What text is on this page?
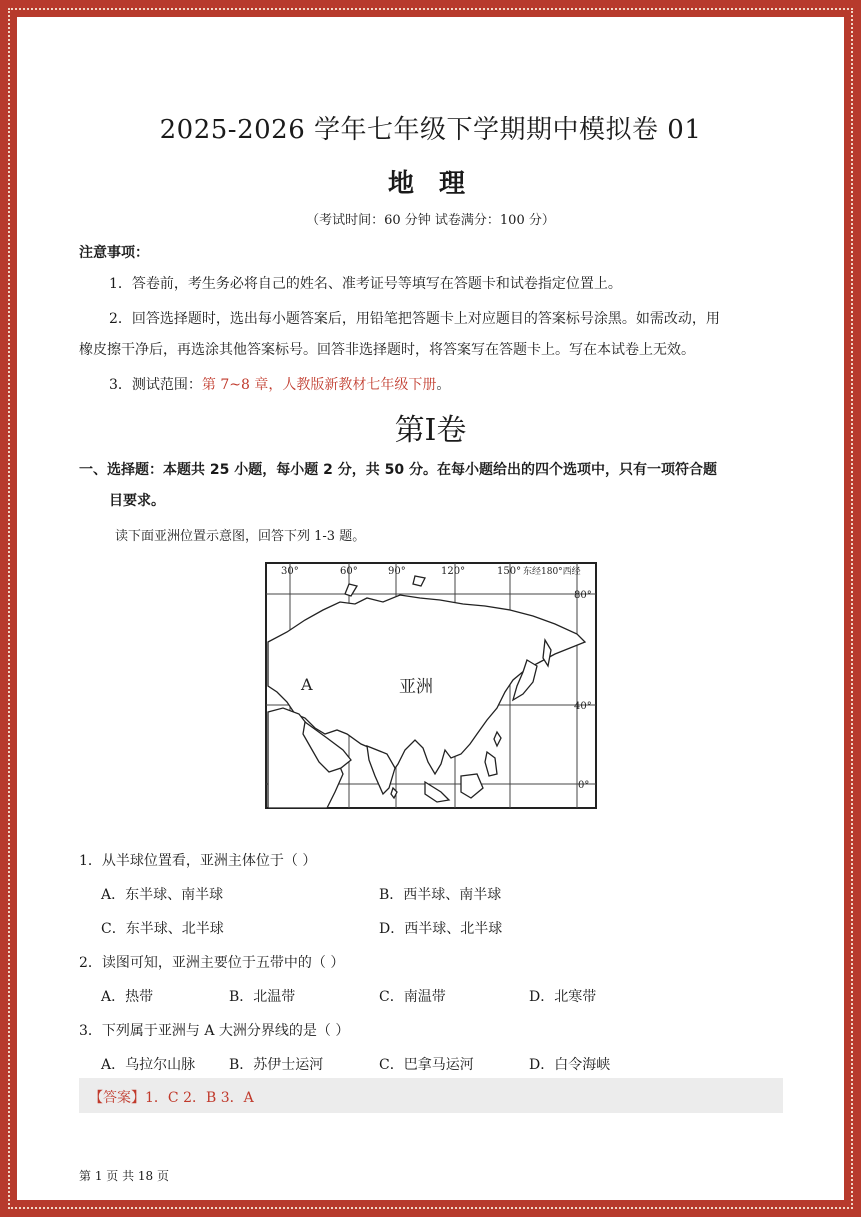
2025-2026 学年七年级下学期期中模拟卷 01
地 理
（考试时间：60 分钟 试卷满分：100 分）
注意事项：
1．答卷前，考生务必将自己的姓名、准考证号等填写在答题卡和试卷指定位置上。
2．回答选择题时，选出每小题答案后，用铅笔把答题卡上对应题目的答案标号涂黑。如需改动，用
橡皮擦干净后，再选涂其他答案标号。回答非选择题时，将答案写在答题卡上。写在本试卷上无效。
3．测试范围：第 7~8 章，人教版新教材七年级下册。
第Ⅰ卷
一、选择题：本题共 25 小题，每小题 2 分，共 50 分。在每小题给出的四个选项中，只有一项符合题
目要求。
读下面亚洲位置示意图，回答下列 1-3 题。
30°	60°	90°	120°	150° 东经180°西经
80°
40°
0°
A	亚洲
1．从半球位置看，亚洲主体位于（ ）
A．东半球、南半球	B．西半球、南半球
C．东半球、北半球	D．西半球、北半球
2．读图可知，亚洲主要位于五带中的（ ）
A．热带	B．北温带	C．南温带	D．北寒带
3．下列属于亚洲与 A 大洲分界线的是（ ）
A．乌拉尔山脉 B．苏伊士运河	C．巴拿马运河	D．白令海峡
【答案】1．C 2．B 3．A
第 1 页 共 18 页
